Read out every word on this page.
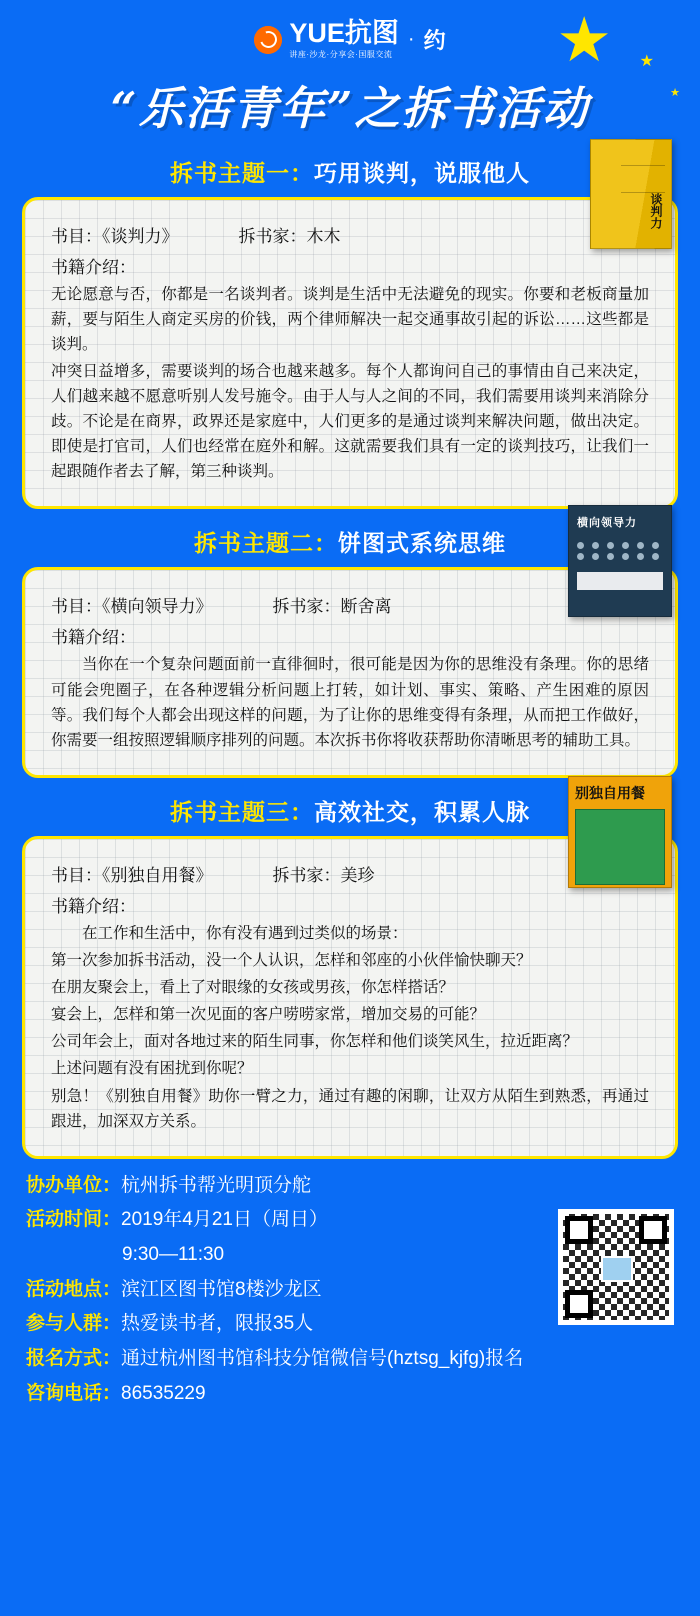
★ ★
★
YUE抗图
讲座·沙龙·分享会·国服交流
· 约
“乐活青年”之拆书活动
拆书主题一：巧用谈判，说服他人
谈判力
书目：《谈判力》	拆书家：木木
书籍介绍：

无论愿意与否，你都是一名谈判者。谈判是生活中无法避免的现实。你要和老板商量加薪，要与陌生人商定买房的价钱，两个律师解决一起交通事故引起的诉讼……这些都是谈判。

冲突日益增多，需要谈判的场合也越来越多。每个人都询问自己的事情由自己来决定，人们越来越不愿意听别人发号施令。由于人与人之间的不同，我们需要用谈判来消除分歧。不论是在商界，政界还是家庭中，人们更多的是通过谈判来解决问题，做出决定。即使是打官司，人们也经常在庭外和解。这就需要我们具有一定的谈判技巧，让我们一起跟随作者去了解，第三种谈判。

拆书主题二：饼图式系统思维
横向领导力
书目：《横向领导力》	拆书家：断舍离
书籍介绍：

当你在一个复杂问题面前一直徘徊时，很可能是因为你的思维没有条理。你的思绪可能会兜圈子，在各种逻辑分析问题上打转，如计划、事实、策略、产生困难的原因等。我们每个人都会出现这样的问题，为了让你的思维变得有条理，从而把工作做好，你需要一组按照逻辑顺序排列的问题。本次拆书你将收获帮助你清晰思考的辅助工具。

拆书主题三：高效社交，积累人脉
别独自用餐
书目：《别独自用餐》	拆书家：美珍
书籍介绍：

在工作和生活中，你有没有遇到过类似的场景：

第一次参加拆书活动，没一个人认识，怎样和邻座的小伙伴愉快聊天？

在朋友聚会上，看上了对眼缘的女孩或男孩，你怎样搭话？

宴会上，怎样和第一次见面的客户唠唠家常，增加交易的可能？

公司年会上，面对各地过来的陌生同事，你怎样和他们谈笑风生，拉近距离？

上述问题有没有困扰到你呢？

别急！《别独自用餐》助你一臂之力，通过有趣的闲聊，让双方从陌生到熟悉，再通过跟进，加深双方关系。

协办单位： 杭州拆书帮光明顶分舵
活动时间： 2019年4月21日（周日）
9:30—11:30
活动地点： 滨江区图书馆8楼沙龙区
参与人群： 热爱读书者，限报35人
报名方式： 通过杭州图书馆科技分馆微信号(hztsg_kjfg)报名
咨询电话： 86535229
